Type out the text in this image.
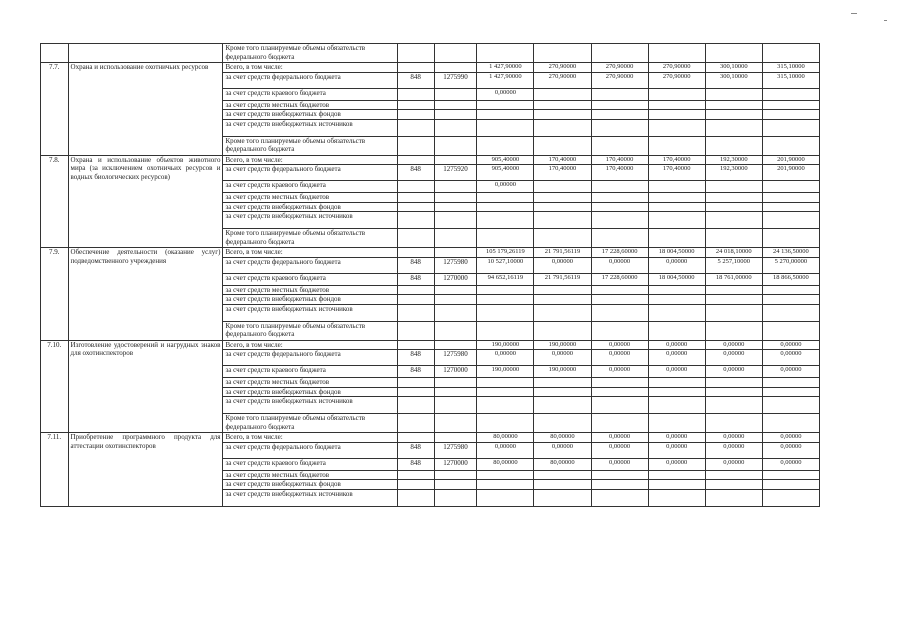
		Кроме того планируемые объемы обязательств федерального бюджета								
7.7.	Охрана и использование охотничьих ресурсов	Всего, в том числе:			1 427,90000	270,90000	270,90000	270,90000	300,10000	315,10000
		за счет средств федерального бюджета	848	1275990	1 427,90000	270,90000	270,90000	270,90000	300,10000	315,10000
		за счет средств краевого бюджета			0,00000					
		за счет средств местных бюджетов								
		за счет средств внебюджетных фондов								
		за счет средств внебюджетных источников								
		Кроме того планируемые объемы обязательств федерального бюджета								
7.8.	Охрана и использование объектов животного мира (за исключением охотничьих ресурсов и водных биологических ресурсов)	Всего, в том числе:			905,40000	170,40000	170,40000	170,40000	192,30000	201,90000
		за счет средств федерального бюджета	848	1275920	905,40000	170,40000	170,40000	170,40000	192,30000	201,90000
		за счет средств краевого бюджета			0,00000					
		за счет средств местных бюджетов								
		за счет средств внебюджетных фондов								
		за счет средств внебюджетных источников								
		Кроме того планируемые объемы обязательств федерального бюджета								
7.9.	Обеспечение деятельности (оказание услуг) подведомственного учреждения	Всего, в том числе:			105 179,26119	21 791,56119	17 228,60000	18 004,50000	24 018,10000	24 136,50000
		за счет средств федерального бюджета	848	1275980	10 527,10000	0,00000	0,00000	0,00000	5 257,10000	5 270,00000
		за счет средств краевого бюджета	848	1270000	94 652,16119	21 791,56119	17 228,60000	18 004,50000	18 761,00000	18 866,50000
		за счет средств местных бюджетов								
		за счет средств внебюджетных фондов								
		за счет средств внебюджетных источников								
		Кроме того планируемые объемы обязательств федерального бюджета								
7.10.	Изготовление удостоверений и нагрудных знаков для охотинспекторов	Всего, в том числе:			190,00000	190,00000	0,00000	0,00000	0,00000	0,00000
		за счет средств федерального бюджета	848	1275980	0,00000	0,00000	0,00000	0,00000	0,00000	0,00000
		за счет средств краевого бюджета	848	1270000	190,00000	190,00000	0,00000	0,00000	0,00000	0,00000
		за счет средств местных бюджетов								
		за счет средств внебюджетных фондов								
		за счет средств внебюджетных источников								
		Кроме того планируемые объемы обязательств федерального бюджета								
7.11.	Приобретение программного продукта для аттестации охотинспекторов	Всего, в том числе:			80,00000	80,00000	0,00000	0,00000	0,00000	0,00000
		за счет средств федерального бюджета	848	1275980	0,00000	0,00000	0,00000	0,00000	0,00000	0,00000
		за счет средств краевого бюджета	848	1270000	80,00000	80,00000	0,00000	0,00000	0,00000	0,00000
		за счет средств местных бюджетов								
		за счет средств внебюджетных фондов								
		за счет средств внебюджетных источников								
